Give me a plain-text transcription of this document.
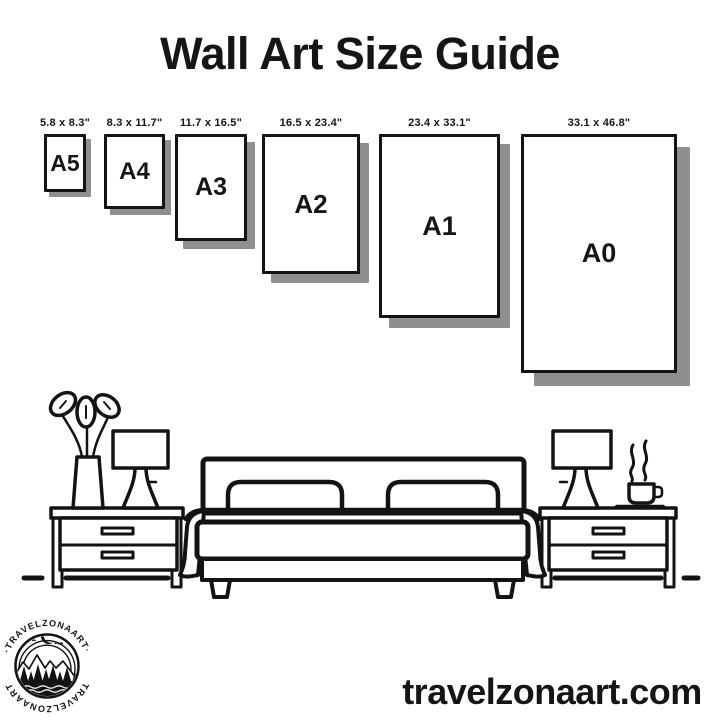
Wall Art Size Guide
5.8 x 8.3"
A5
8.3 x 11.7"
A4
11.7 x 16.5"
A3
16.5 x 23.4"
A2
23.4 x 33.1"
A1
33.1 x 46.8"
A0
·TRAVELZONAART·
TRAVELZONAART	travelzonaart.com
